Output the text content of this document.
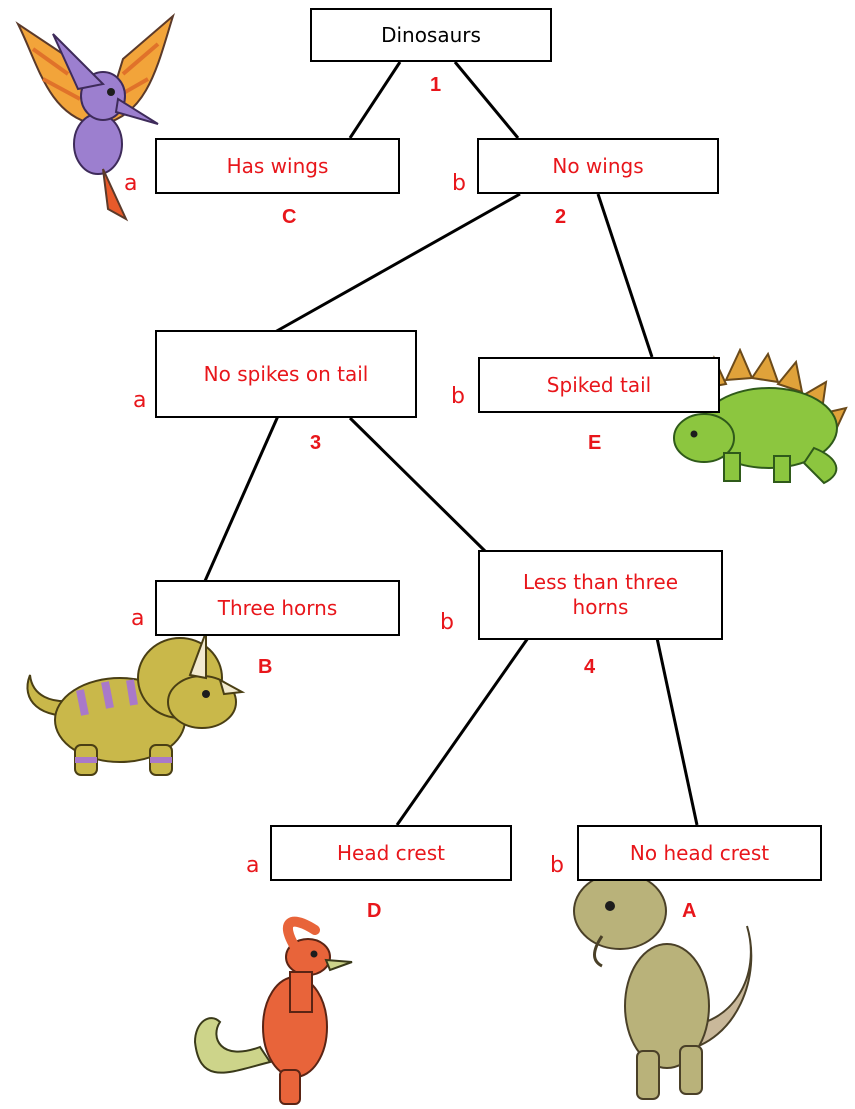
Dinosaurs
1
Has wings
a
C
No wings
b
2
No spikes on tail
a
3
Spiked tail
b
E
Three horns
a
B
Less than three horns
b
4
Head crest
a
D
No head crest
b
A
